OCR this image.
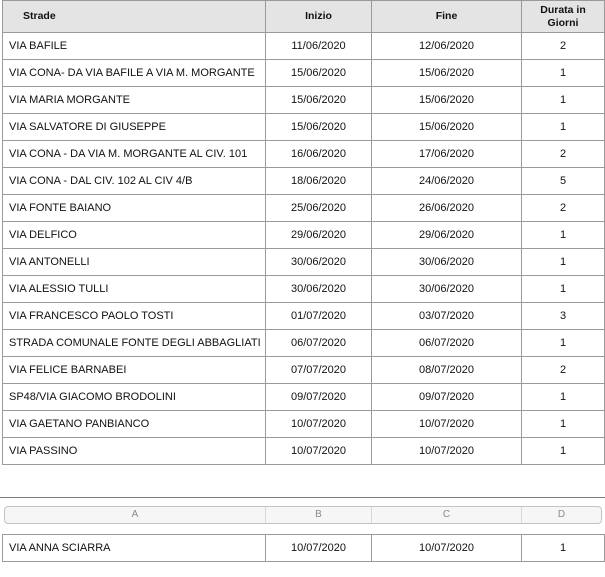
Strade	Inizio	Fine	Durata in Giorni
VIA BAFILE	11/06/2020	12/06/2020	2
VIA CONA- DA VIA BAFILE A VIA M. MORGANTE	15/06/2020	15/06/2020	1
VIA MARIA MORGANTE	15/06/2020	15/06/2020	1
VIA SALVATORE DI GIUSEPPE	15/06/2020	15/06/2020	1
VIA CONA - DA VIA M. MORGANTE AL CIV. 101	16/06/2020	17/06/2020	2
VIA CONA - DAL CIV. 102 AL CIV 4/B	18/06/2020	24/06/2020	5
VIA FONTE BAIANO	25/06/2020	26/06/2020	2
VIA DELFICO	29/06/2020	29/06/2020	1
VIA ANTONELLI	30/06/2020	30/06/2020	1
VIA ALESSIO TULLI	30/06/2020	30/06/2020	1
VIA FRANCESCO PAOLO TOSTI	01/07/2020	03/07/2020	3
STRADA COMUNALE FONTE DEGLI ABBAGLIATI	06/07/2020	06/07/2020	1
VIA FELICE BARNABEI	07/07/2020	08/07/2020	2
SP48/VIA GIACOMO BRODOLINI	09/07/2020	09/07/2020	1
VIA GAETANO PANBIANCO	10/07/2020	10/07/2020	1
VIA PASSINO	10/07/2020	10/07/2020	1
A	B	C	D
VIA ANNA SCIARRA	10/07/2020	10/07/2020	1
